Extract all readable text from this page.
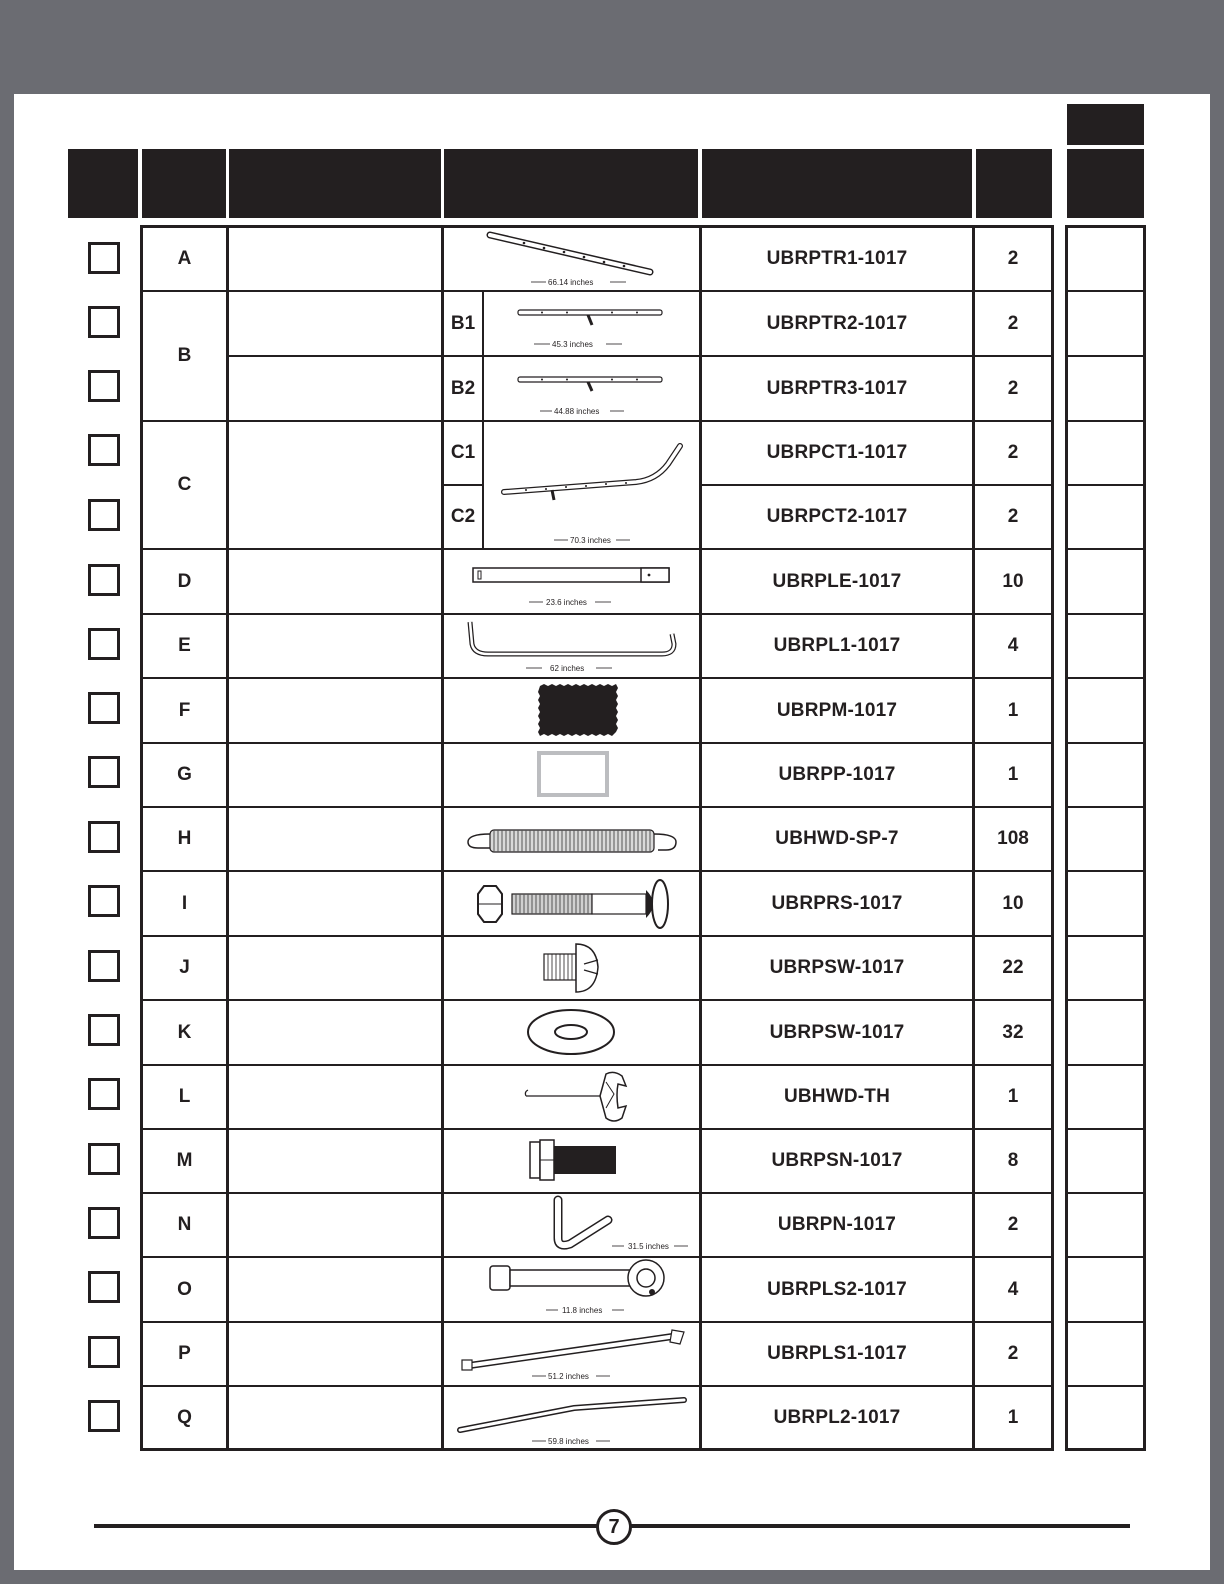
A
B
C
D
E
F
G
H
I
J
K
L
M
N
O
P
Q
B1
B2
C1
C2
UBRPTR1-1017
UBRPTR2-1017
UBRPTR3-1017
UBRPCT1-1017
UBRPCT2-1017
UBRPLE-1017
UBRPL1-1017
UBRPM-1017
UBRPP-1017
UBHWD-SP-7
UBRPRS-1017
UBRPSW-1017
UBRPSW-1017
UBHWD-TH
UBRPSN-1017
UBRPN-1017
UBRPLS2-1017
UBRPLS1-1017
UBRPL2-1017
2
2
2
2
2
10
4
1
1
108
10
22
32
1
8
2
4
2
1
66.14 inches
45.3 inches
44.88 inches
70.3 inches
23.6 inches
62 inches
31.5 inches
11.8 inches
51.2 inches
59.8 inches
7
